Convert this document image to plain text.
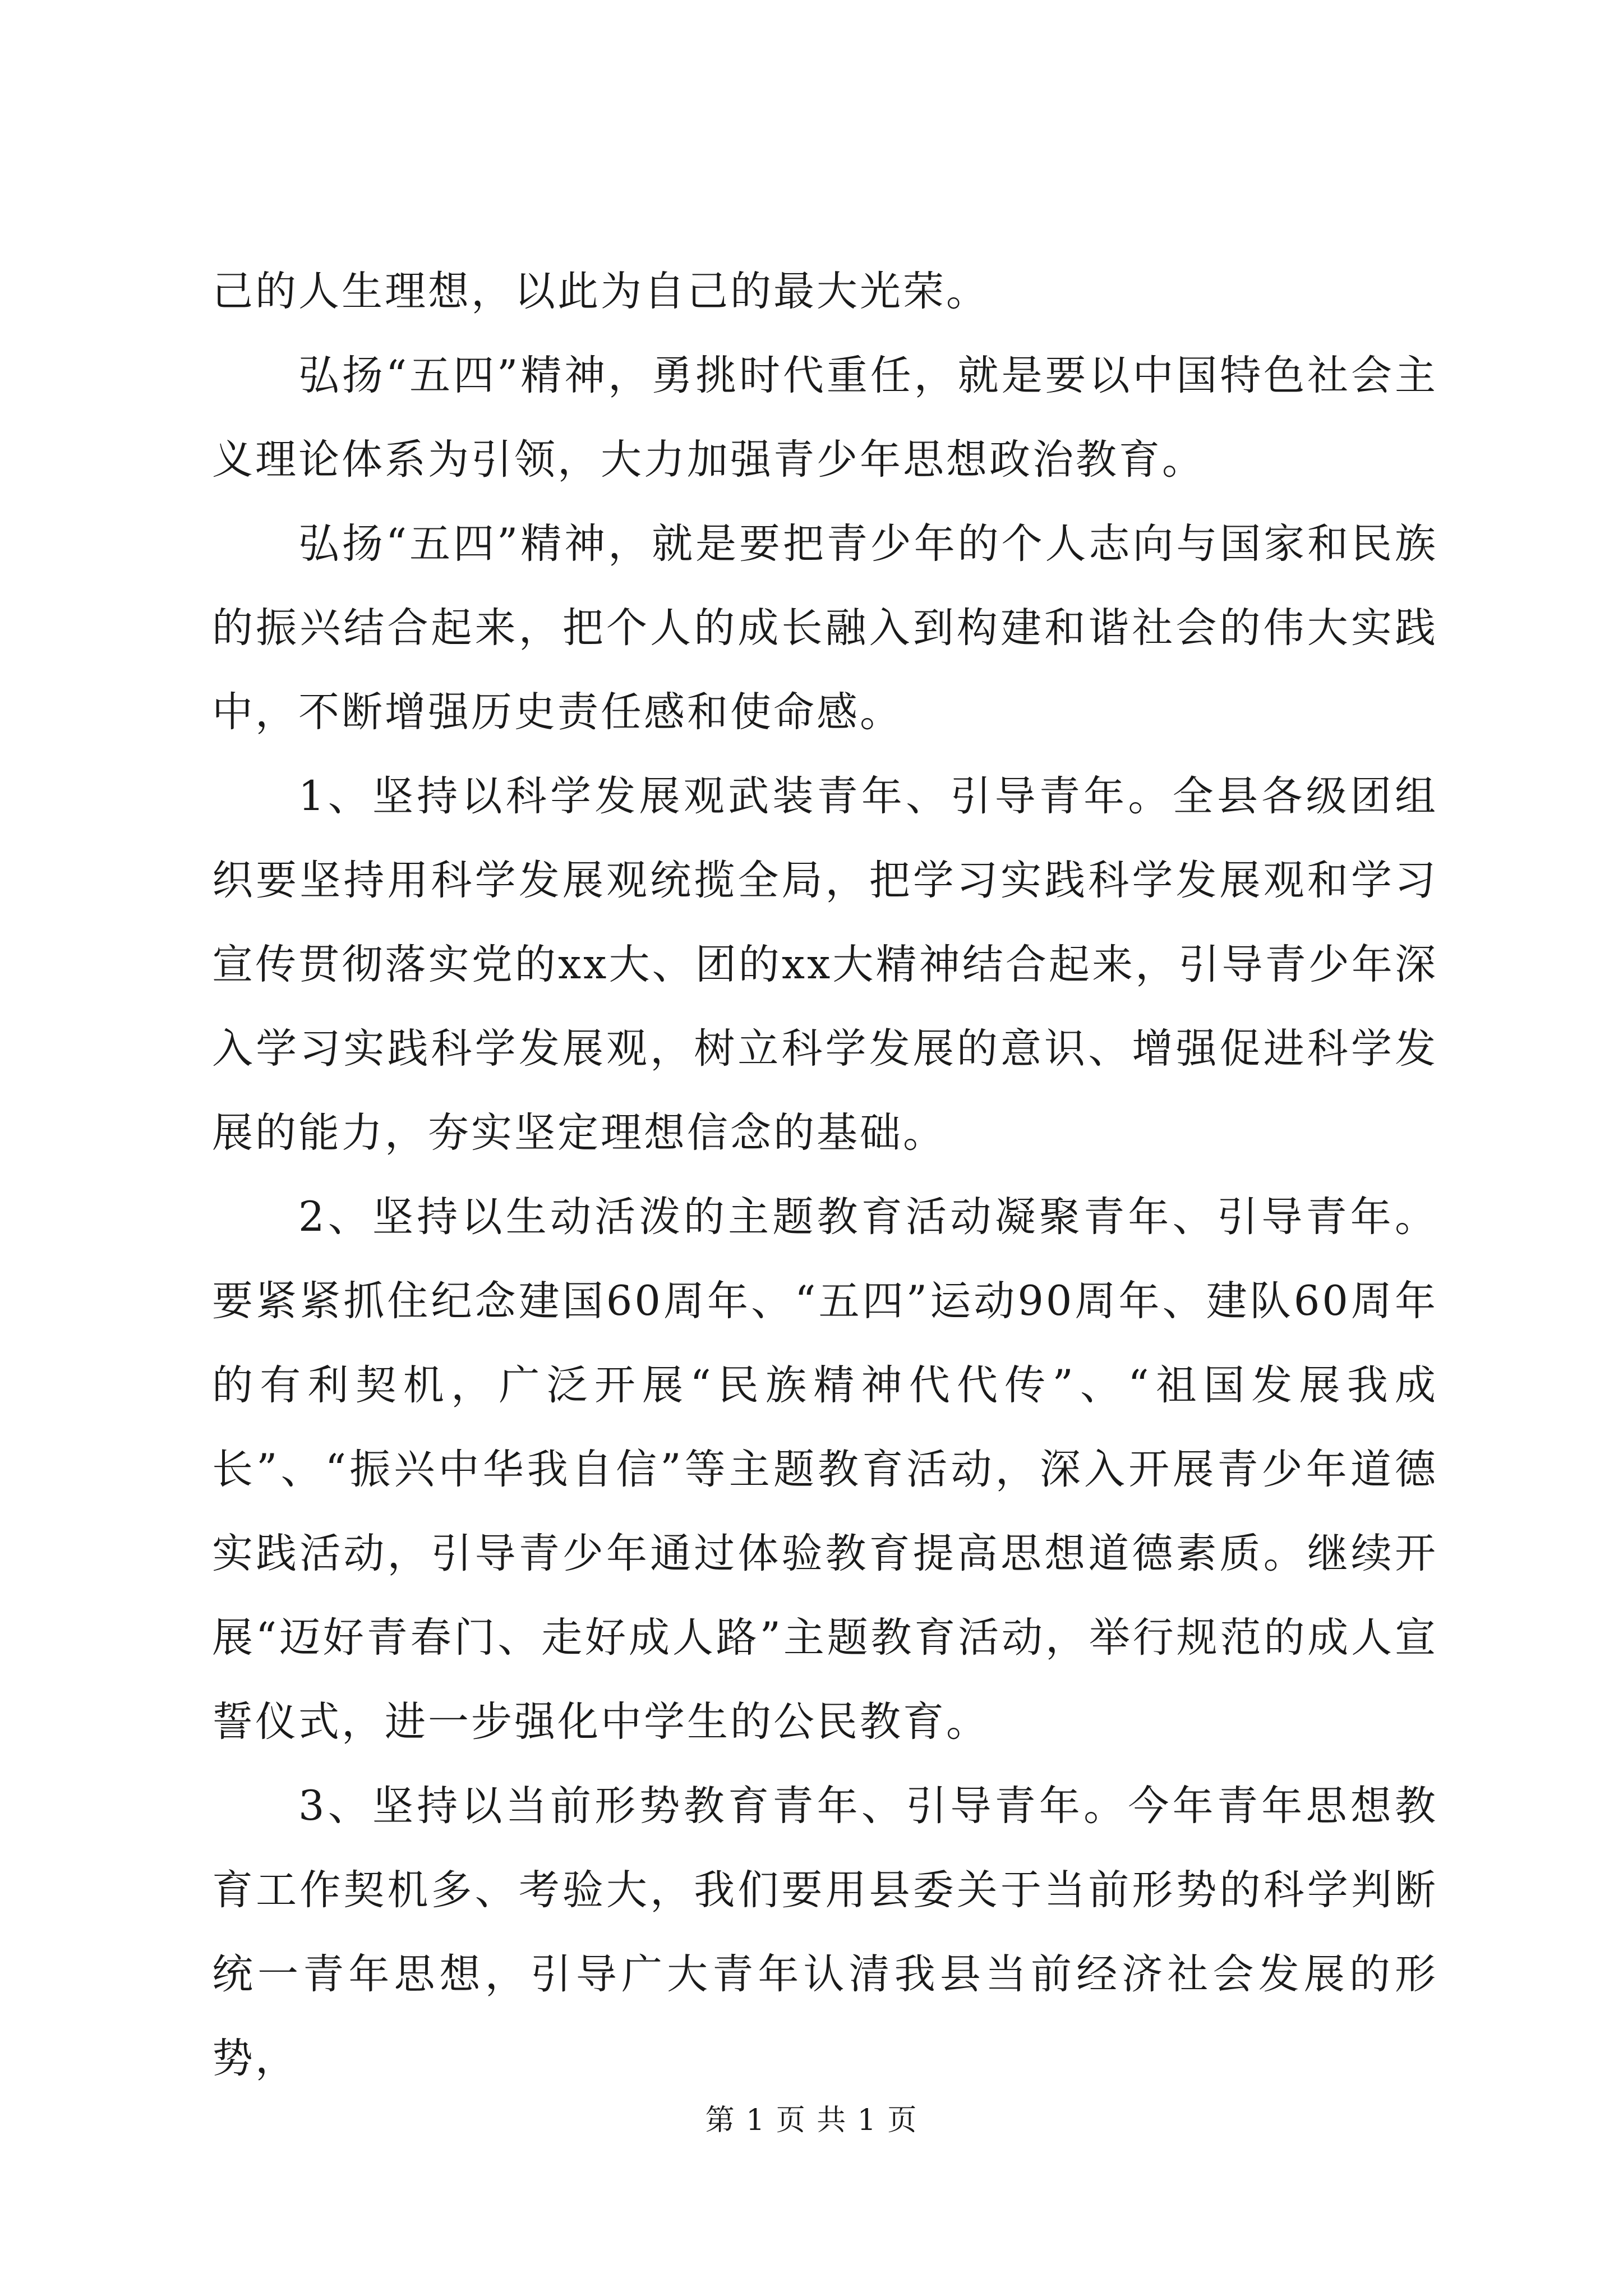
己的人生理想，以此为自己的最大光荣。

弘扬“五四”精神，勇挑时代重任，就是要以中国特色社会主义理论体系为引领，大力加强青少年思想政治教育。

弘扬“五四”精神，就是要把青少年的个人志向与国家和民族的振兴结合起来，把个人的成长融入到构建和谐社会的伟大实践中，不断增强历史责任感和使命感。

1、坚持以科学发展观武装青年、引导青年。全县各级团组织要坚持用科学发展观统揽全局，把学习实践科学发展观和学习宣传贯彻落实党的xx大、团的xx大精神结合起来，引导青少年深入学习实践科学发展观，树立科学发展的意识、增强促进科学发展的能力，夯实坚定理想信念的基础。

2、坚持以生动活泼的主题教育活动凝聚青年、引导青年。要紧紧抓住纪念建国60周年、“五四”运动90周年、建队60周年的有利契机，广泛开展“民族精神代代传”、“祖国发展我成长”、“振兴中华我自信”等主题教育活动，深入开展青少年道德实践活动，引导青少年通过体验教育提高思想道德素质。继续开展“迈好青春门、走好成人路”主题教育活动，举行规范的成人宣誓仪式，进一步强化中学生的公民教育。

3、坚持以当前形势教育青年、引导青年。今年青年思想教育工作契机多、考验大，我们要用县委关于当前形势的科学判断统一青年思想，引导广大青年认清我县当前经济社会发展的形势，

第 1 页 共 1 页
